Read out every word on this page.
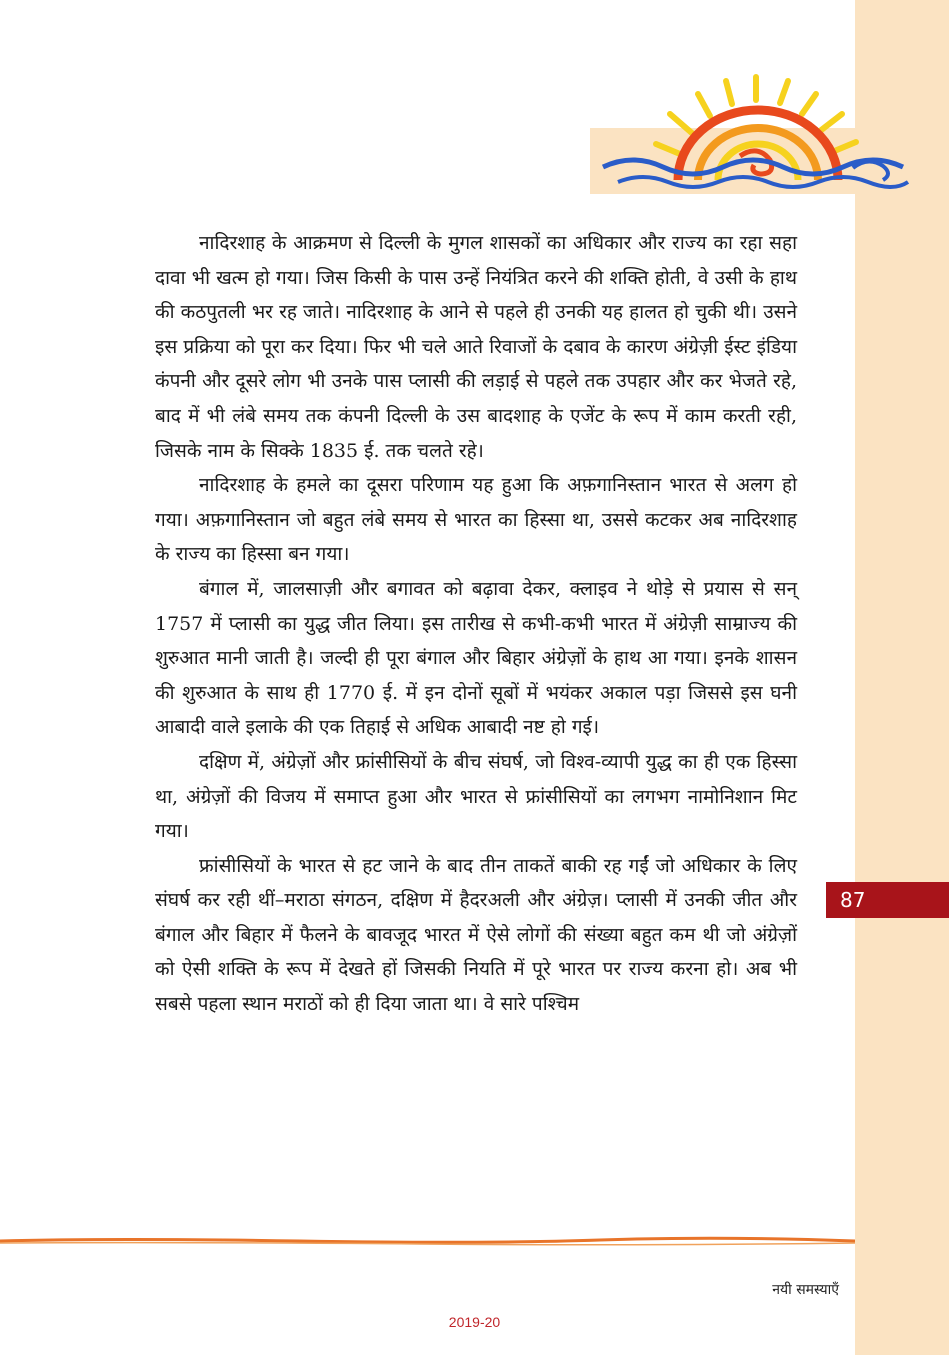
87

नादिरशाह के आक्रमण से दिल्ली के मुगल शासकों का अधिकार और राज्य का रहा सहा दावा भी खत्म हो गया। जिस किसी के पास उन्हें नियंत्रित करने की शक्ति होती, वे उसी के हाथ की कठपुतली भर रह जाते। नादिरशाह के आने से पहले ही उनकी यह हालत हो चुकी थी। उसने इस प्रक्रिया को पूरा कर दिया। फिर भी चले आते रिवाजों के दबाव के कारण अंग्रेज़ी ईस्ट इंडिया कंपनी और दूसरे लोग भी उनके पास प्लासी की लड़ाई से पहले तक उपहार और कर भेजते रहे, बाद में भी लंबे समय तक कंपनी दिल्ली के उस बादशाह के एजेंट के रूप में काम करती रही, जिसके नाम के सिक्के 1835 ई. तक चलते रहे।

नादिरशाह के हमले का दूसरा परिणाम यह हुआ कि अफ़गानिस्तान भारत से अलग हो गया। अफ़गानिस्तान जो बहुत लंबे समय से भारत का हिस्सा था, उससे कटकर अब नादिरशाह के राज्य का हिस्सा बन गया।

बंगाल में, जालसाज़ी और बगावत को बढ़ावा देकर, क्लाइव ने थोड़े से प्रयास से सन् 1757 में प्लासी का युद्ध जीत लिया। इस तारीख से कभी-कभी भारत में अंग्रेज़ी साम्राज्य की शुरुआत मानी जाती है। जल्दी ही पूरा बंगाल और बिहार अंग्रेज़ों के हाथ आ गया। इनके शासन की शुरुआत के साथ ही 1770 ई. में इन दोनों सूबों में भयंकर अकाल पड़ा जिससे इस घनी आबादी वाले इलाके की एक तिहाई से अधिक आबादी नष्ट हो गई।

दक्षिण में, अंग्रेज़ों और फ्रांसीसियों के बीच संघर्ष, जो विश्व-व्यापी युद्ध का ही एक हिस्सा था, अंग्रेज़ों की विजय में समाप्त हुआ और भारत से फ्रांसीसियों का लगभग नामोनिशान मिट गया।

फ्रांसीसियों के भारत से हट जाने के बाद तीन ताकतें बाकी रह गईं जो अधिकार के लिए संघर्ष कर रही थीं–मराठा संगठन, दक्षिण में हैदरअली और अंग्रेज़। प्लासी में उनकी जीत और बंगाल और बिहार में फैलने के बावजूद भारत में ऐसे लोगों की संख्या बहुत कम थी जो अंग्रेज़ों को ऐसी शक्ति के रूप में देखते हों जिसकी नियति में पूरे भारत पर राज्य करना हो। अब भी सबसे पहला स्थान मराठों को ही दिया जाता था। वे सारे पश्चिम

नयी समस्याएँ
2019-20
